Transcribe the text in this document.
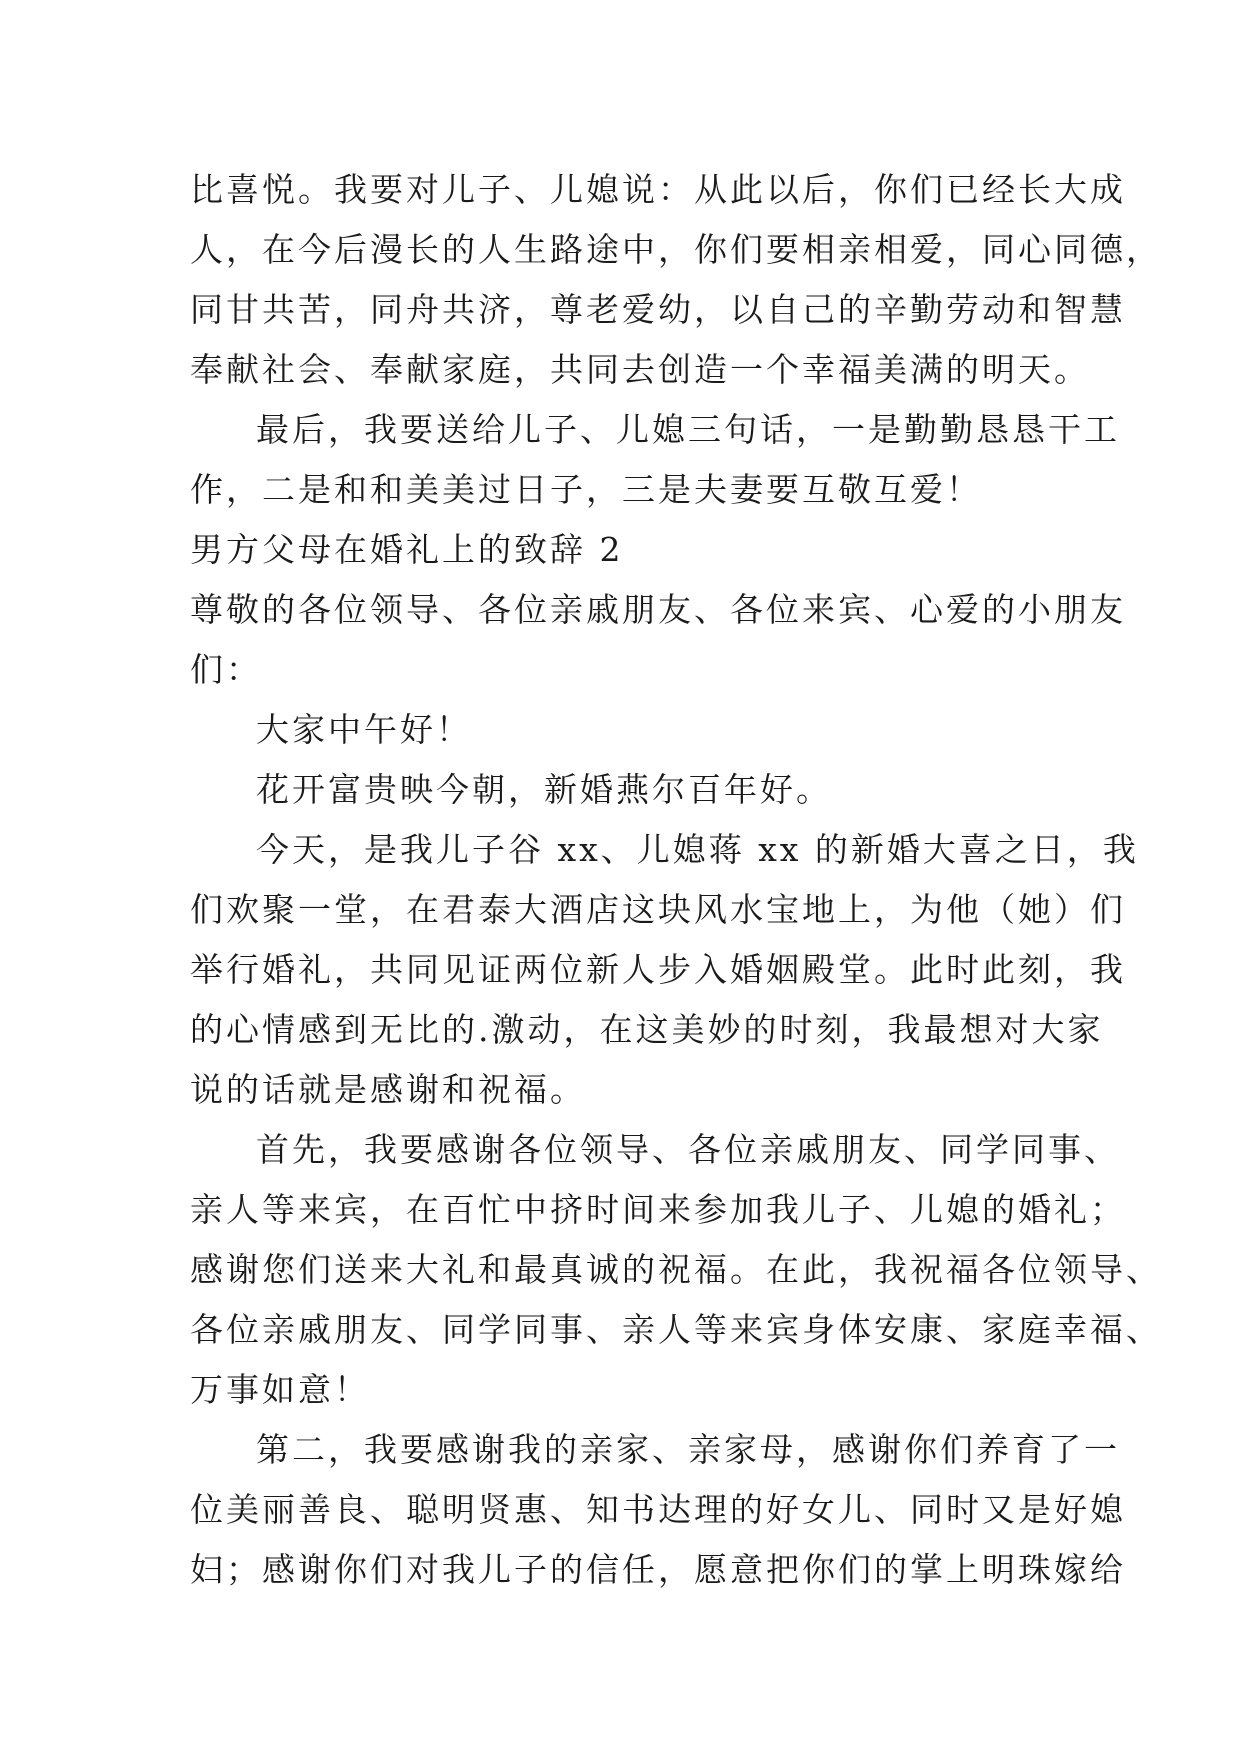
比喜悦。我要对儿子、儿媳说：从此以后，你们已经长大成

人，在今后漫长的人生路途中，你们要相亲相爱，同心同德，

同甘共苦，同舟共济，尊老爱幼，以自己的辛勤劳动和智慧

奉献社会、奉献家庭，共同去创造一个幸福美满的明天。

最后，我要送给儿子、儿媳三句话，一是勤勤恳恳干工

作，二是和和美美过日子，三是夫妻要互敬互爱！

男方父母在婚礼上的致辞 2

尊敬的各位领导、各位亲戚朋友、各位来宾、心爱的小朋友

们：

大家中午好！

花开富贵映今朝，新婚燕尔百年好。

今天，是我儿子谷 xx、儿媳蒋 xx 的新婚大喜之日，我

们欢聚一堂，在君泰大酒店这块风水宝地上，为他（她）们

举行婚礼，共同见证两位新人步入婚姻殿堂。此时此刻，我

的心情感到无比的.激动，在这美妙的时刻，我最想对大家

说的话就是感谢和祝福。

首先，我要感谢各位领导、各位亲戚朋友、同学同事、

亲人等来宾，在百忙中挤时间来参加我儿子、儿媳的婚礼；

感谢您们送来大礼和最真诚的祝福。在此，我祝福各位领导、

各位亲戚朋友、同学同事、亲人等来宾身体安康、家庭幸福、

万事如意！

第二，我要感谢我的亲家、亲家母，感谢你们养育了一

位美丽善良、聪明贤惠、知书达理的好女儿、同时又是好媳

妇；感谢你们对我儿子的信任，愿意把你们的掌上明珠嫁给
